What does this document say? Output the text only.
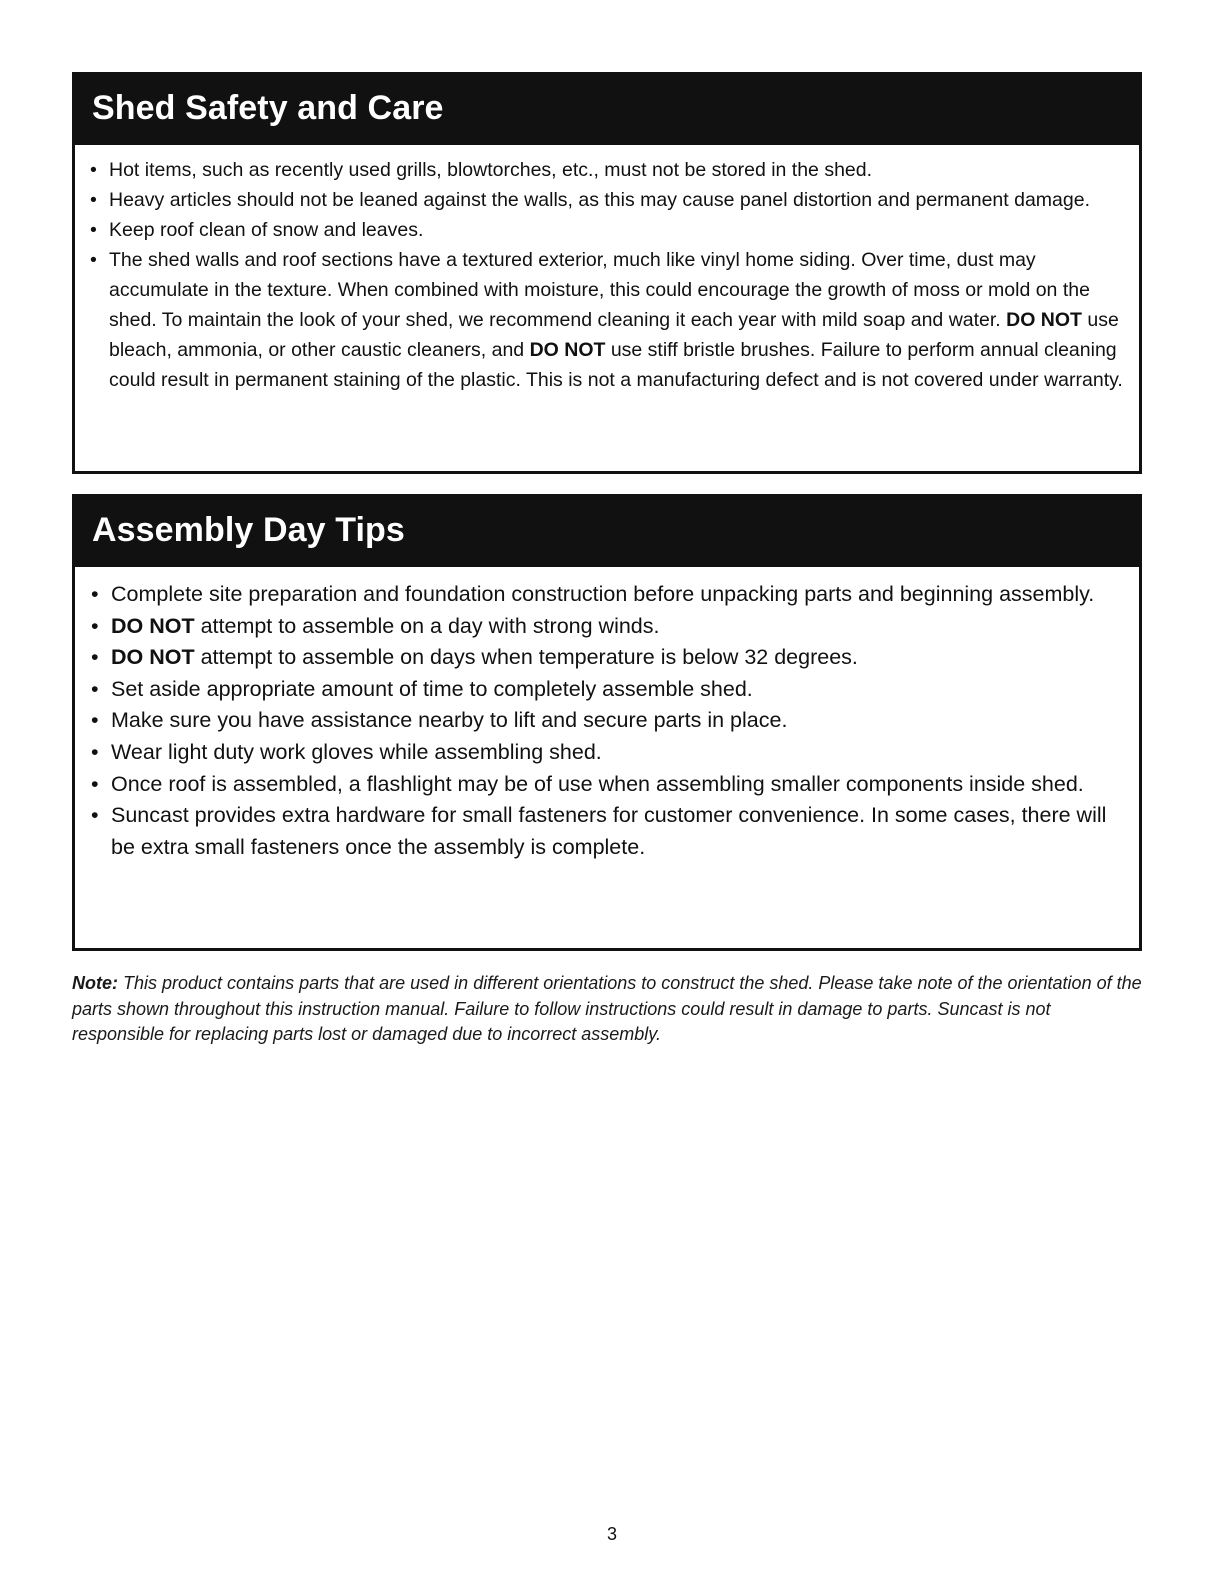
Shed Safety and Care
• Hot items, such as recently used grills, blowtorches, etc., must not be stored in the shed.
• Heavy articles should not be leaned against the walls, as this may cause panel distortion and permanent damage.
• Keep roof clean of snow and leaves.
• The shed walls and roof sections have a textured exterior, much like vinyl home siding. Over time, dust may accumulate in the texture. When combined with moisture, this could encourage the growth of moss or mold on the shed. To maintain the look of your shed, we recommend cleaning it each year with mild soap and water. DO NOT use bleach, ammonia, or other caustic cleaners, and DO NOT use stiff bristle brushes. Failure to perform annual cleaning could result in permanent staining of the plastic. This is not a manufacturing defect and is not covered under warranty.
Assembly Day Tips
• Complete site preparation and foundation construction before unpacking parts and beginning assembly.
• DO NOT attempt to assemble on a day with strong winds.
• DO NOT attempt to assemble on days when temperature is below 32 degrees.
• Set aside appropriate amount of time to completely assemble shed.
• Make sure you have assistance nearby to lift and secure parts in place.
• Wear light duty work gloves while assembling shed.
• Once roof is assembled, a flashlight may be of use when assembling smaller components inside shed.
• Suncast provides extra hardware for small fasteners for customer convenience. In some cases, there will be extra small fasteners once the assembly is complete.
Note: This product contains parts that are used in different orientations to construct the shed. Please take note of the orientation of the parts shown throughout this instruction manual. Failure to follow instructions could result in damage to parts. Suncast is not responsible for replacing parts lost or damaged due to incorrect assembly.
3
